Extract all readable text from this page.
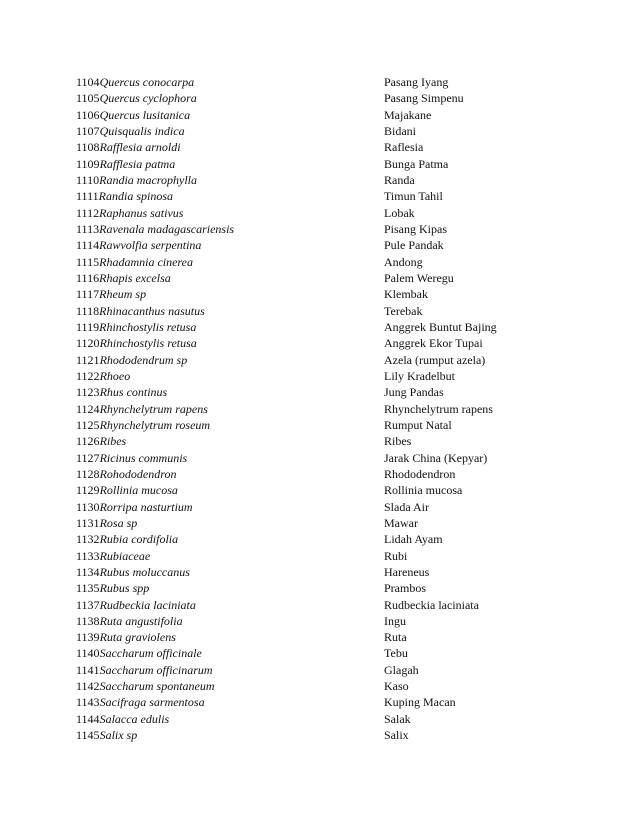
1104Quercus conocarpa	Pasang Iyang
1105Quercus cyclophora	Pasang Simpenu
1106Quercus lusitanica	Majakane
1107Quisqualis indica	Bidani
1108Rafflesia arnoldi	Raflesia
1109Rafflesia patma	Bunga Patma
1110Randia macrophylla	Randa
1111Randia spinosa	Timun Tahil
1112Raphanus sativus	Lobak
1113Ravenala madagascariensis	Pisang Kipas
1114Rawvolfia serpentina	Pule Pandak
1115Rhadamnia cinerea	Andong
1116Rhapis excelsa	Palem Weregu
1117Rheum sp	Klembak
1118Rhinacanthus nasutus	Terebak
1119Rhinchostylis retusa	Anggrek Buntut Bajing
1120Rhinchostylis retusa	Anggrek Ekor Tupai
1121Rhododendrum sp	Azela (rumput azela)
1122Rhoeo	Lily Kradelbut
1123Rhus continus	Jung Pandas
1124Rhynchelytrum rapens	Rhynchelytrum rapens
1125Rhynchelytrum roseum	Rumput Natal
1126Ribes	Ribes
1127Ricinus communis	Jarak China (Kepyar)
1128Rohododendron	Rhododendron
1129Rollinia mucosa	Rollinia mucosa
1130Rorripa nasturtium	Slada Air
1131Rosa sp	Mawar
1132Rubia cordifolia	Lidah Ayam
1133Rubiaceae	Rubi
1134Rubus moluccanus	Hareneus
1135Rubus spp	Prambos
1137Rudbeckia laciniata	Rudbeckia laciniata
1138Ruta angustifolia	Ingu
1139Ruta graviolens	Ruta
1140Saccharum officinale	Tebu
1141Saccharum officinarum	Glagah
1142Saccharum spontaneum	Kaso
1143Sacifraga sarmentosa	Kuping Macan
1144Salacca edulis	Salak
1145Salix sp	Salix
